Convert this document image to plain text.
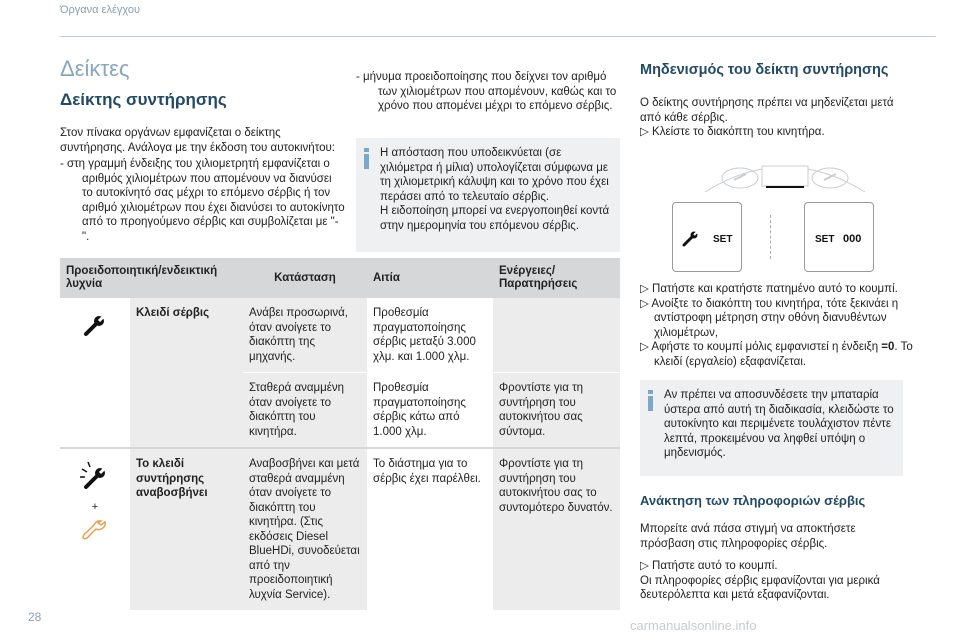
Όργανα ελέγχου
Δείκτες
Δείκτης συντήρησης

Στον πίνακα οργάνων εμφανίζεται ο δείκτης συντήρησης. Ανάλογα με την έκδοση του αυτοκινήτου:

- στη γραμμή ένδειξης του χιλιομετρητή εμφανίζεται ο αριθμός χιλιομέτρων που απομένουν να διανύσει το αυτοκίνητό σας μέχρι το επόμενο σέρβις ή τον αριθμό χιλιομέτρων που έχει διανύσει το αυτοκίνητο από το προηγούμενο σέρβις και συμβολίζεται με "-".

- μήνυμα προειδοποίησης που δείχνει τον αριθμό των χιλιομέτρων που απομένουν, καθώς και το χρόνο που απομένει μέχρι το επόμενο σέρβις.
Η απόσταση που υποδεικνύεται (σε χιλιόμετρα ή μίλια) υπολογίζεται σύμφωνα με τη χιλιομετρική κάλυψη και το χρόνο που έχει περάσει από το τελευταίο σέρβις.
Η ειδοποίηση μπορεί να ενεργοποιηθεί κοντά στην ημερομηνία του επόμενου σέρβις.
Προειδοποιητική/ενδεικτική λυχνία		Κατάσταση	Αιτία	Ενέργειες/ Παρατηρήσεις
	Κλειδί σέρβις	Ανάβει προσωρινά, όταν ανοίγετε το διακόπτη της μηχανής.	Προθεσμία πραγματοποίησης σέρβις μεταξύ 3.000 χλμ. και 1.000 χλμ.	
		Σταθερά αναμμένη όταν ανοίγετε το διακόπτη του κινητήρα.	Προθεσμία πραγματοποίησης σέρβις κάτω από 1.000 χλμ.	Φροντίστε για τη συντήρηση του αυτοκινήτου σας σύντομα.

+	Το κλειδί συντήρησης αναβοσβήνει	Αναβοσβήνει και μετά σταθερά αναμμένη όταν ανοίγετε το διακόπτη του κινητήρα. (Στις εκδόσεις Diesel BlueHDi, συνοδεύεται από την προειδοποιητική λυχνία Service).	Το διάστημα για το σέρβις έχει παρέλθει.	Φροντίστε για τη συντήρηση του αυτοκινήτου σας το συντομότερο δυνατόν.
Μηδενισμός του δείκτη συντήρησης

Ο δείκτης συντήρησης πρέπει να μηδενίζεται μετά από κάθε σέρβις.

▷ Κλείστε το διακόπτη του κινητήρα.

SET	SET 000

▷ Πατήστε και κρατήστε πατημένο αυτό το κουμπί.

▷ Ανοίξτε το διακόπτη του κινητήρα, τότε ξεκινάει η αντίστροφη μέτρηση στην οθόνη διανυθέντων χιλιομέτρων,

▷ Αφήστε το κουμπί μόλις εμφανιστεί η ένδειξη =0. Το κλειδί (εργαλείο) εξαφανίζεται.

Αν πρέπει να αποσυνδέσετε την μπαταρία ύστερα από αυτή τη διαδικασία, κλειδώστε το αυτοκίνητο και περιμένετε τουλάχιστον πέντε λεπτά, προκειμένου να ληφθεί υπόψη ο μηδενισμός.
Ανάκτηση των πληροφοριών σέρβις

Μπορείτε ανά πάσα στιγμή να αποκτήσετε πρόσβαση στις πληροφορίες σέρβις.

▷ Πατήστε αυτό το κουμπί.

Οι πληροφορίες σέρβις εμφανίζονται για μερικά δευτερόλεπτα και μετά εξαφανίζονται.

28
carmanualsonline.info
